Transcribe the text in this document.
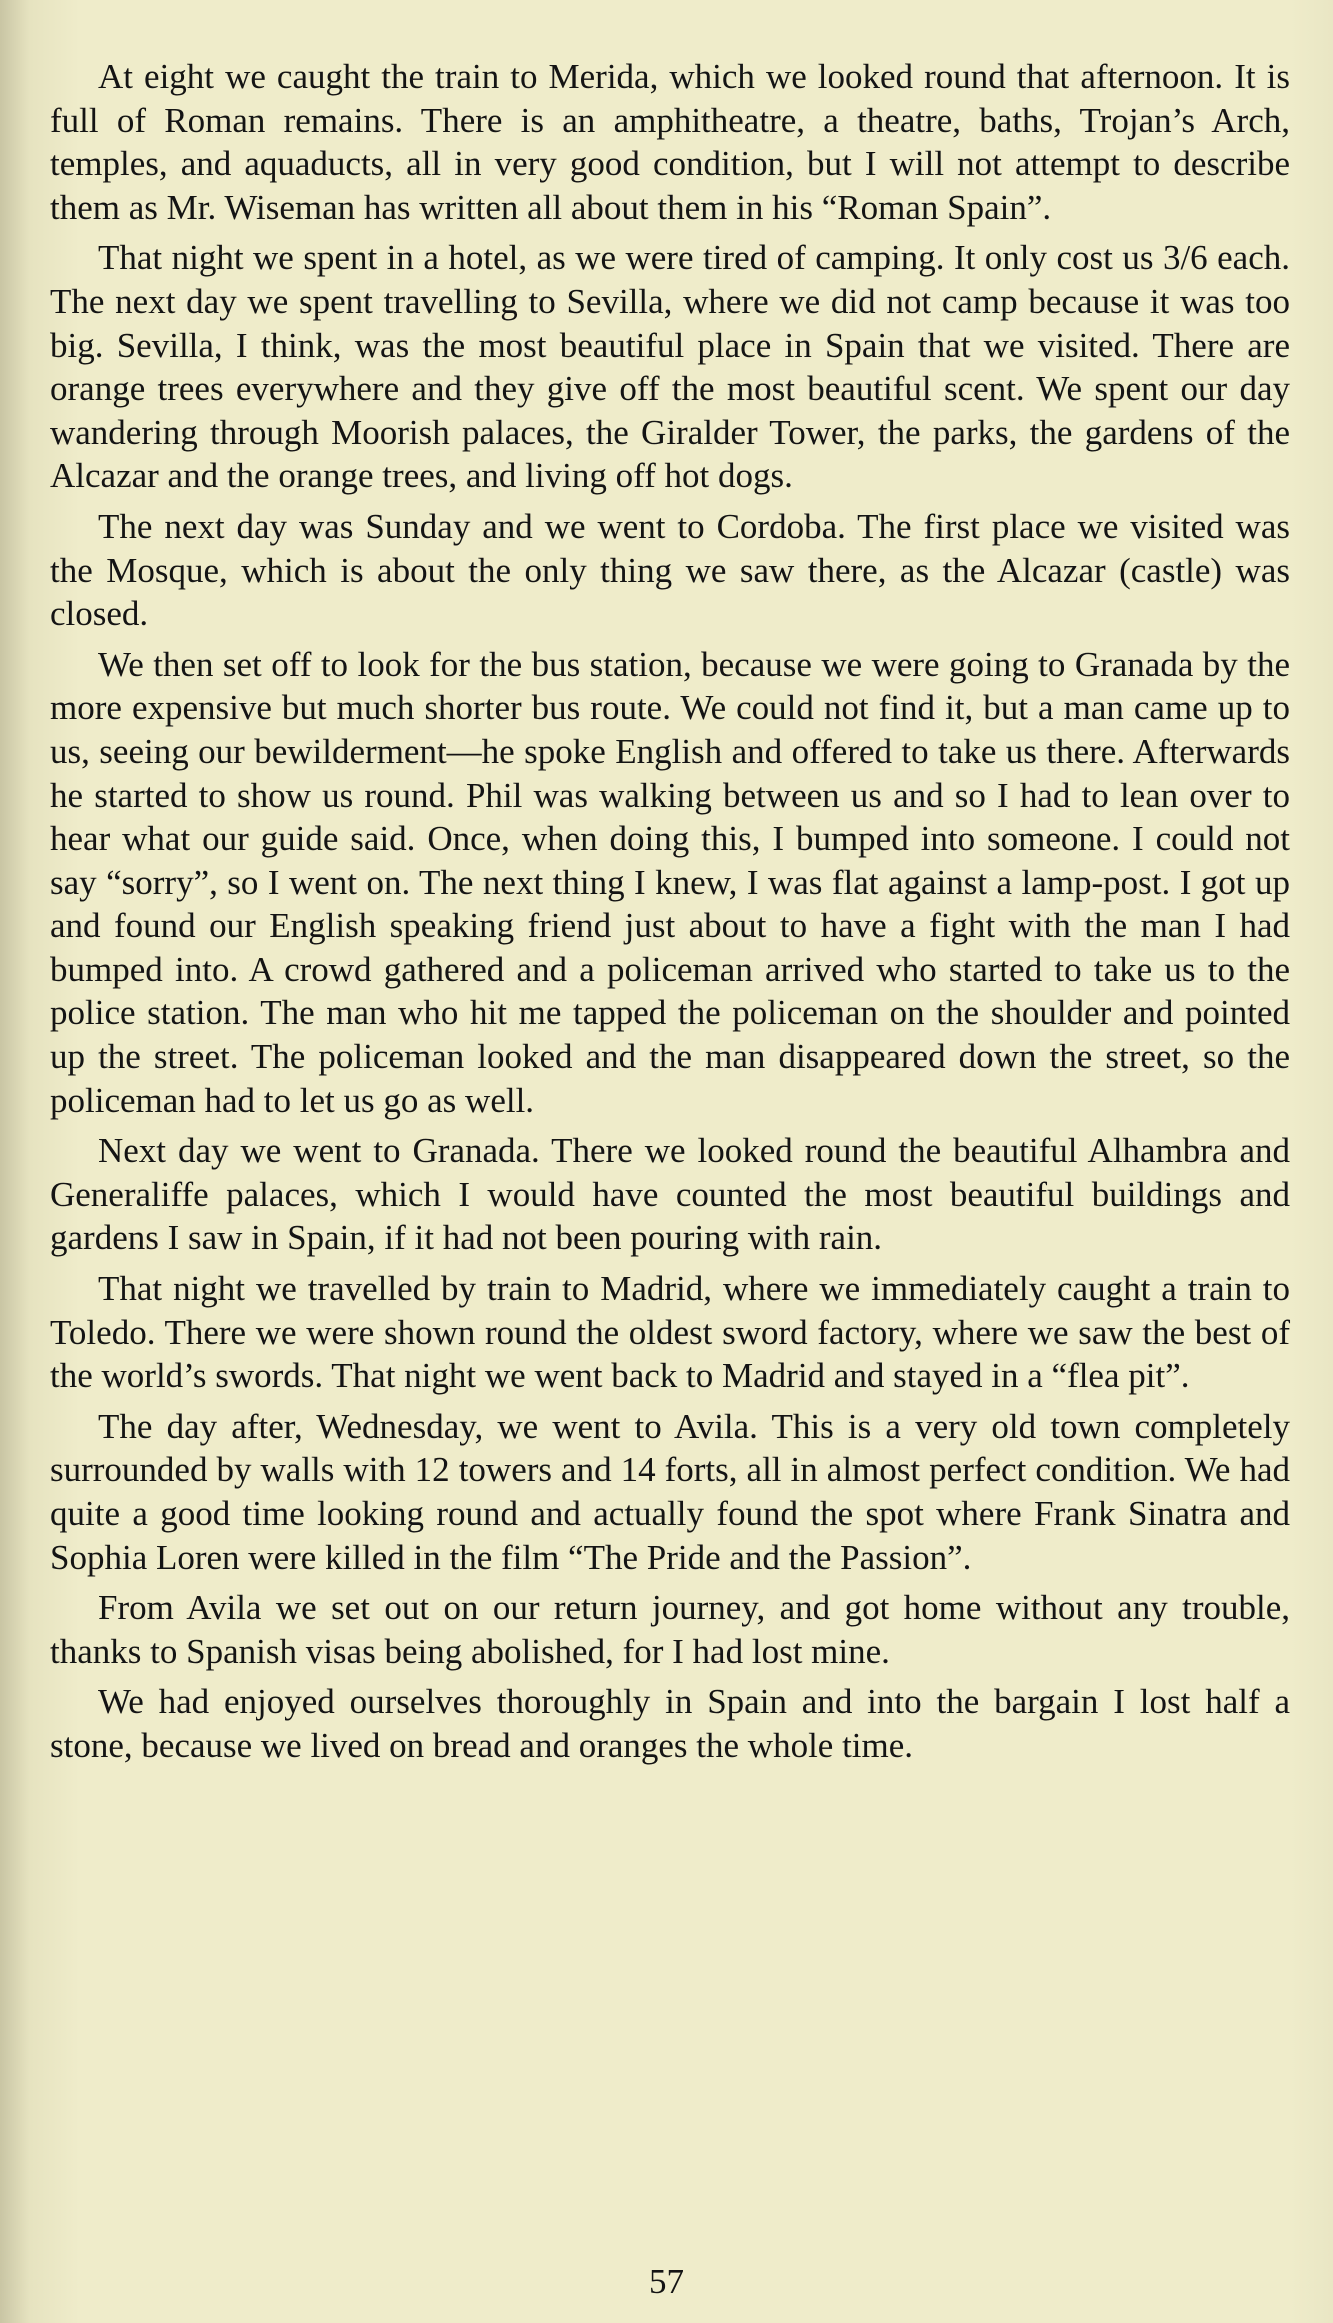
At eight we caught the train to Merida, which we looked round that afternoon. It is full of Roman remains. There is an amphitheatre, a theatre, baths, Trojan’s Arch, temples, and aquaducts, all in very good condition, but I will not attempt to describe them as Mr. Wiseman has written all about them in his “Roman Spain”.

That night we spent in a hotel, as we were tired of camping. It only cost us 3/6 each. The next day we spent travelling to Sevilla, where we did not camp because it was too big. Sevilla, I think, was the most beautiful place in Spain that we visited. There are orange trees everywhere and they give off the most beautiful scent. We spent our day wandering through Moorish palaces, the Giralder Tower, the parks, the gardens of the Alcazar and the orange trees, and living off hot dogs.

The next day was Sunday and we went to Cordoba. The first place we visited was the Mosque, which is about the only thing we saw there, as the Alcazar (castle) was closed.

We then set off to look for the bus station, because we were going to Granada by the more expensive but much shorter bus route. We could not find it, but a man came up to us, seeing our bewilderment—he spoke English and offered to take us there. Afterwards he started to show us round. Phil was walking between us and so I had to lean over to hear what our guide said. Once, when doing this, I bumped into someone. I could not say “sorry”, so I went on. The next thing I knew, I was flat against a lamp-post. I got up and found our English speaking friend just about to have a fight with the man I had bumped into. A crowd gathered and a policeman arrived who started to take us to the police station. The man who hit me tapped the policeman on the shoulder and pointed up the street. The policeman looked and the man disappeared down the street, so the policeman had to let us go as well.

Next day we went to Granada. There we looked round the beautiful Alhambra and Generaliffe palaces, which I would have counted the most beautiful buildings and gardens I saw in Spain, if it had not been pouring with rain.

That night we travelled by train to Madrid, where we immediately caught a train to Toledo. There we were shown round the oldest sword factory, where we saw the best of the world’s swords. That night we went back to Madrid and stayed in a “flea pit”.

The day after, Wednesday, we went to Avila. This is a very old town completely surrounded by walls with 12 towers and 14 forts, all in almost perfect condition. We had quite a good time looking round and actually found the spot where Frank Sinatra and Sophia Loren were killed in the film “The Pride and the Passion”.

From Avila we set out on our return journey, and got home without any trouble, thanks to Spanish visas being abolished, for I had lost mine.

We had enjoyed ourselves thoroughly in Spain and into the bargain I lost half a stone, because we lived on bread and oranges the whole time.

57
